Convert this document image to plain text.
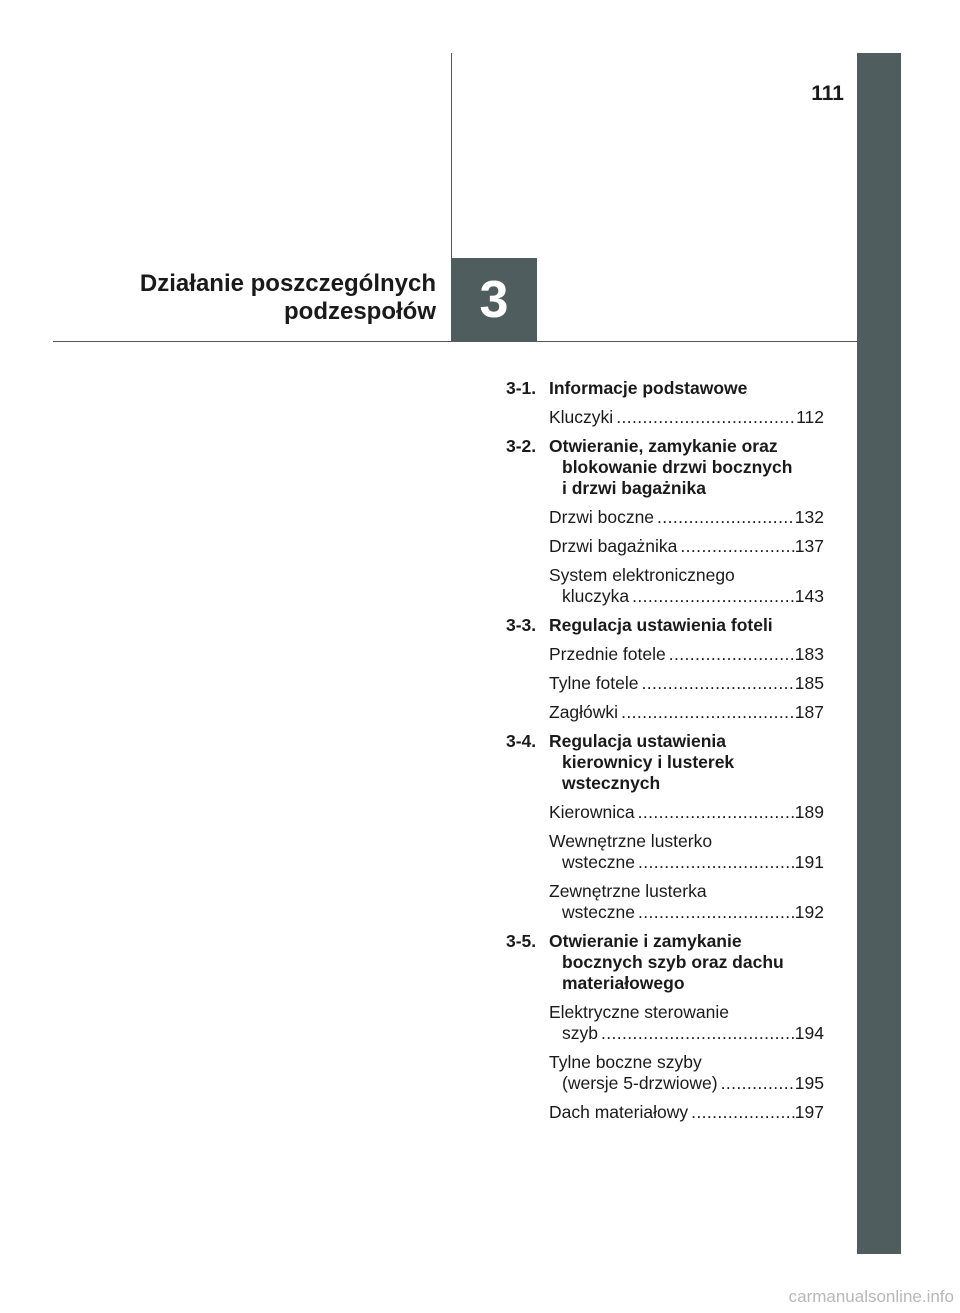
111
Działanie poszczególnych
podzespołów 3
3-1. Informacje podstawowe
Kluczyki .....	112
3-2. Otwieranie, zamykanie oraz
blokowanie drzwi bocznych
i drzwi bagażnika
Drzwi boczne .....	132
Drzwi bagażnika .....	137
System elektronicznego
kluczyka .....	143
3-3. Regulacja ustawienia foteli
Przednie fotele .....	183
Tylne fotele .....	185
Zagłówki .....	187
3-4. Regulacja ustawienia
kierownicy i lusterek
wstecznych
Kierownica .....	189
Wewnętrzne lusterko
wsteczne .....	191
Zewnętrzne lusterka
wsteczne .....	192
3-5. Otwieranie i zamykanie
bocznych szyb oraz dachu
materiałowego
Elektryczne sterowanie
szyb .....	194
Tylne boczne szyby
(wersje 5-drzwiowe) .....	195
Dach materiałowy .....	197
carmanualsonline.info
